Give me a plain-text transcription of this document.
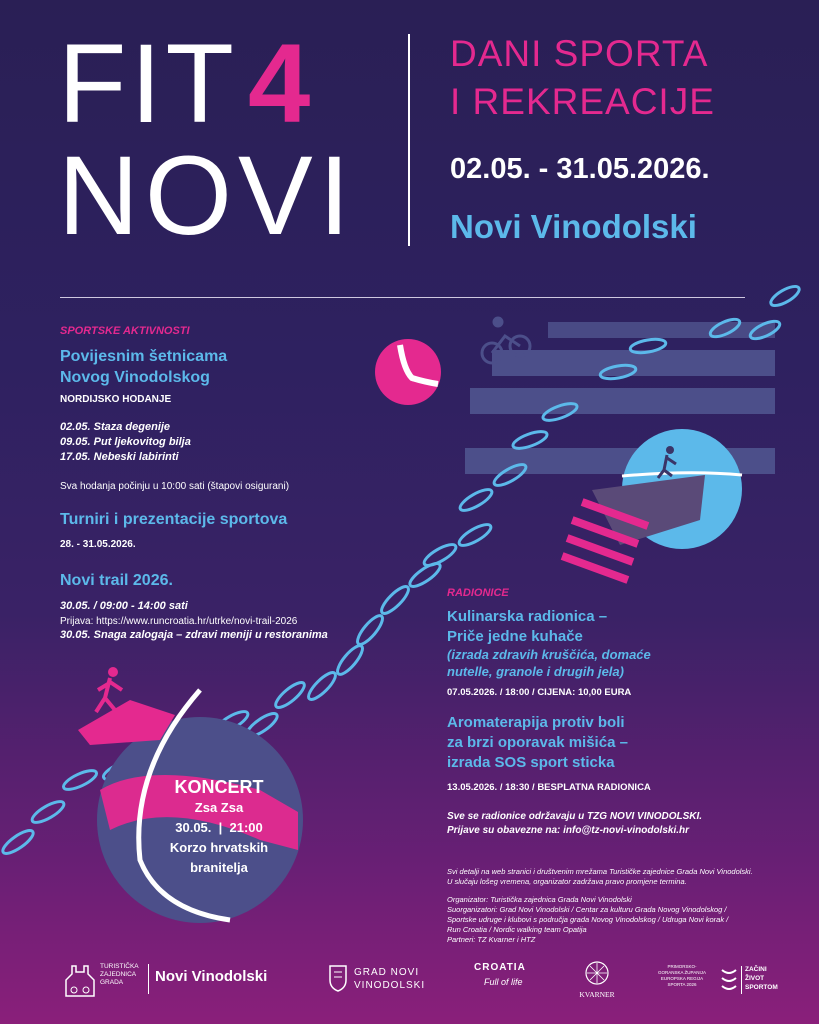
FIT4
NOVI
DANI SPORTA
I REKREACIJE
02.05. - 31.05.2026.
Novi Vinodolski
SPORTSKE AKTIVNOSTI
Povijesnim šetnicama
Novog Vinodolskog
NORDIJSKO HODANJE
02.05. Staza degenije
09.05. Put ljekovitog bilja
17.05. Nebeski labirinti
Sva hodanja počinju u 10:00 sati (štapovi osigurani)
Turniri i prezentacije sportova
28. - 31.05.2026.
Novi trail 2026.
30.05. / 09:00 - 14:00 sati
Prijava: https://www.runcroatia.hr/utrke/novi-trail-2026
30.05. Snaga zalogaja – zdravi meniji u restoranima
RADIONICE
Kulinarska radionica –
Priče jedne kuhače
(izrada zdravih kruščića, domaće
nutelle, granole i drugih jela)
07.05.2026. / 18:00 / CIJENA: 10,00 EURA
Aromaterapija protiv boli
za brzi oporavak mišića –
izrada SOS sport sticka
13.05.2026. / 18:30 / BESPLATNA RADIONICA
Sve se radionice održavaju u TZG NOVI VINODOLSKI.
Prijave su obavezne na: info@tz-novi-vinodolski.hr
KONCERT
Zsa Zsa
30.05.  |  21:00
Korzo hrvatskih
branitelja	Svi detalji na web stranici i društvenim mrežama Turističke zajednice Grada Novi Vinodolski.
U slučaju lošeg vremena, organizator zadržava pravo promjene termina.
Organizator: Turistička zajednica Grada Novi Vinodolski
Suorganizatori: Grad Novi Vinodolski / Centar za kulturu Grada Novog Vinodolskog /
Sportske udruge i klubovi s područja grada Novog Vinodolskog / Udruga Novi korak /
Run Croatia / Nordic walking team Opatija
Partneri: TZ Kvarner i HTZ
TURISTIČKA
ZAJEDNICA
GRADA	Novi Vinodolski	GRAD NOVI
VINODOLSKI
CROATIA
Full of life
KVARNER
PRIMORSKO-
GORANSKA ŽUPANIJA
EUROPSKA REGIJA
SPORTA 2026
ZAČINI
ŽIVOT
SPORTOM
